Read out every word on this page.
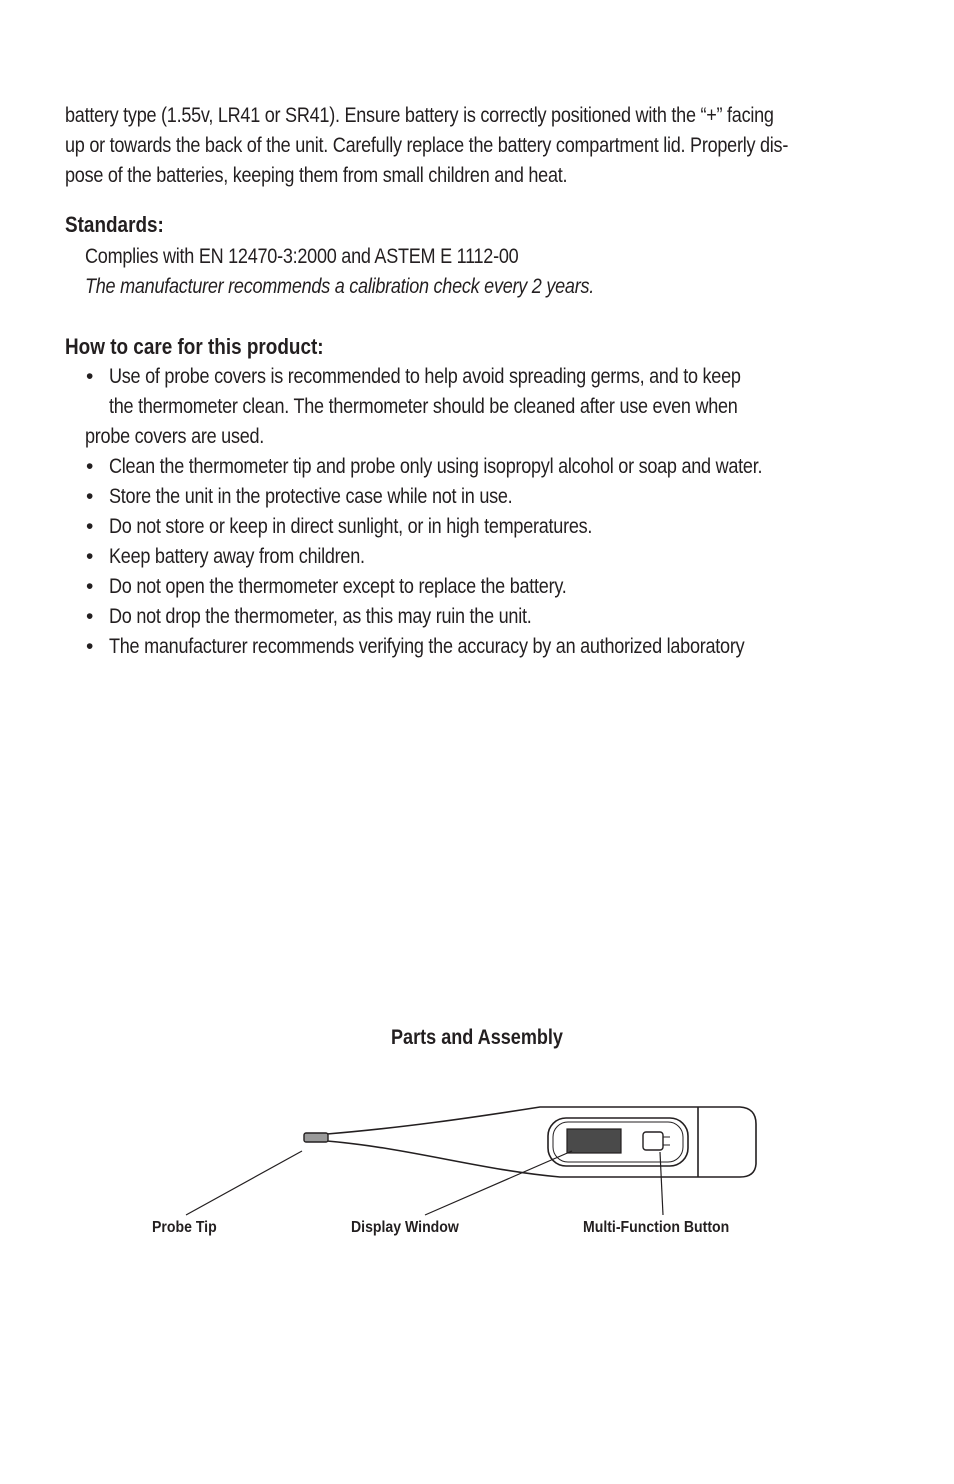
battery type (1.55v, LR41 or SR41). Ensure battery is correctly positioned with the “+” facing
up or towards the back of the unit. Carefully replace the battery compartment lid. Properly dis-
pose of the batteries, keeping them from small children and heat.
Standards:
Complies with EN 12470-3:2000 and ASTEM E 1112-00
The manufacturer recommends a calibration check every 2 years.
How to care for this product:
• Use of probe covers is recommended to help avoid spreading germs, and to keep
the thermometer clean. The thermometer should be cleaned after use even when
probe covers are used.
• Clean the thermometer tip and probe only using isopropyl alcohol or soap and water.
• Store the unit in the protective case while not in use.
• Do not store or keep in direct sunlight, or in high temperatures.
• Keep battery away from children.
• Do not open the thermometer except to replace the battery.
• Do not drop the thermometer, as this may ruin the unit.
• The manufacturer recommends verifying the accuracy by an authorized laboratory
Parts and Assembly
Probe Tip	Display Window	Multi-Function Button
